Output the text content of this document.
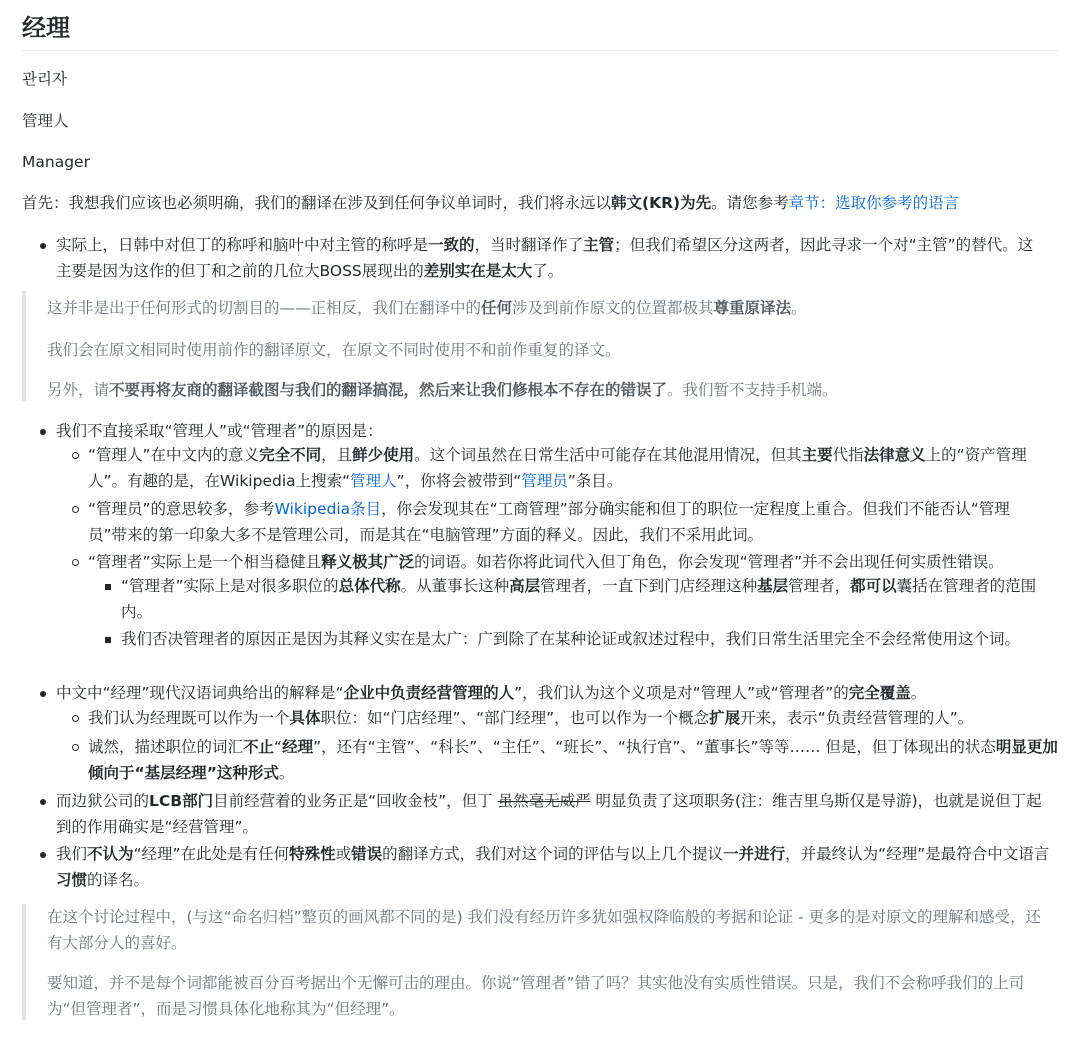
经理

관리자

管理人

Manager

首先：我想我们应该也必须明确，我们的翻译在涉及到任何争议单词时，我们将永远以韩文(KR)为先。请您参考章节：选取你参考的语言

实际上，日韩中对但丁的称呼和脑叶中对主管的称呼是一致的，当时翻译作了主管；但我们希望区分这两者，因此寻求一个对“主管”的替代。这主要是因为这作的但丁和之前的几位大BOSS展现出的差别实在是太大了。

这并非是出于任何形式的切割目的——正相反，我们在翻译中的任何涉及到前作原文的位置都极其尊重原译法。

我们会在原文相同时使用前作的翻译原文，在原文不同时使用不和前作重复的译文。

另外，请不要再将友商的翻译截图与我们的翻译搞混，然后来让我们修根本不存在的错误了。我们暂不支持手机端。

我们不直接采取“管理人”或“管理者”的原因是：
“管理人”在中文内的意义完全不同，且鲜少使用。这个词虽然在日常生活中可能存在其他混用情况，但其主要代指法律意义上的“资产管理人”。有趣的是，在Wikipedia上搜索“管理人”，你将会被带到“管理员”条目。
“管理员”的意思较多，参考Wikipedia条目，你会发现其在“工商管理”部分确实能和但丁的职位一定程度上重合。但我们不能否认“管理员”带来的第一印象大多不是管理公司，而是其在“电脑管理”方面的释义。因此，我们不采用此词。
“管理者”实际上是一个相当稳健且释义极其广泛的词语。如若你将此词代入但丁角色，你会发现“管理者”并不会出现任何实质性错误。
“管理者”实际上是对很多职位的总体代称。从董事长这种高层管理者，一直下到门店经理这种基层管理者，都可以囊括在管理者的范围内。
我们否决管理者的原因正是因为其释义实在是太广：广到除了在某种论证或叙述过程中，我们日常生活里完全不会经常使用这个词。
中文中“经理”现代汉语词典给出的解释是“企业中负责经营管理的人”，我们认为这个义项是对“管理人”或“管理者”的完全覆盖。
我们认为经理既可以作为一个具体职位：如“门店经理”、“部门经理”，也可以作为一个概念扩展开来，表示“负责经营管理的人”。
诚然，描述职位的词汇不止“经理”，还有“主管”、“科长”、“主任”、“班长”、“执行官”、“董事长”等等…… 但是，但丁体现出的状态明显更加倾向于“基层经理”这种形式。
而边狱公司的LCB部门目前经营着的业务正是“回收金枝”，但丁 虽然毫无威严 明显负责了这项职务(注：维吉里乌斯仅是导游)，也就是说但丁起到的作用确实是“经营管理”。
我们不认为“经理”在此处是有任何特殊性或错误的翻译方式，我们对这个词的评估与以上几个提议一并进行，并最终认为“经理”是最符合中文语言习惯的译名。

在这个讨论过程中，(与这“命名归档”整页的画风都不同的是) 我们没有经历许多犹如强权降临般的考据和论证 - 更多的是对原文的理解和感受，还有大部分人的喜好。

要知道，并不是每个词都能被百分百考据出个无懈可击的理由。你说“管理者”错了吗？其实他没有实质性错误。只是，我们不会称呼我们的上司为“但管理者”，而是习惯具体化地称其为“但经理”。
